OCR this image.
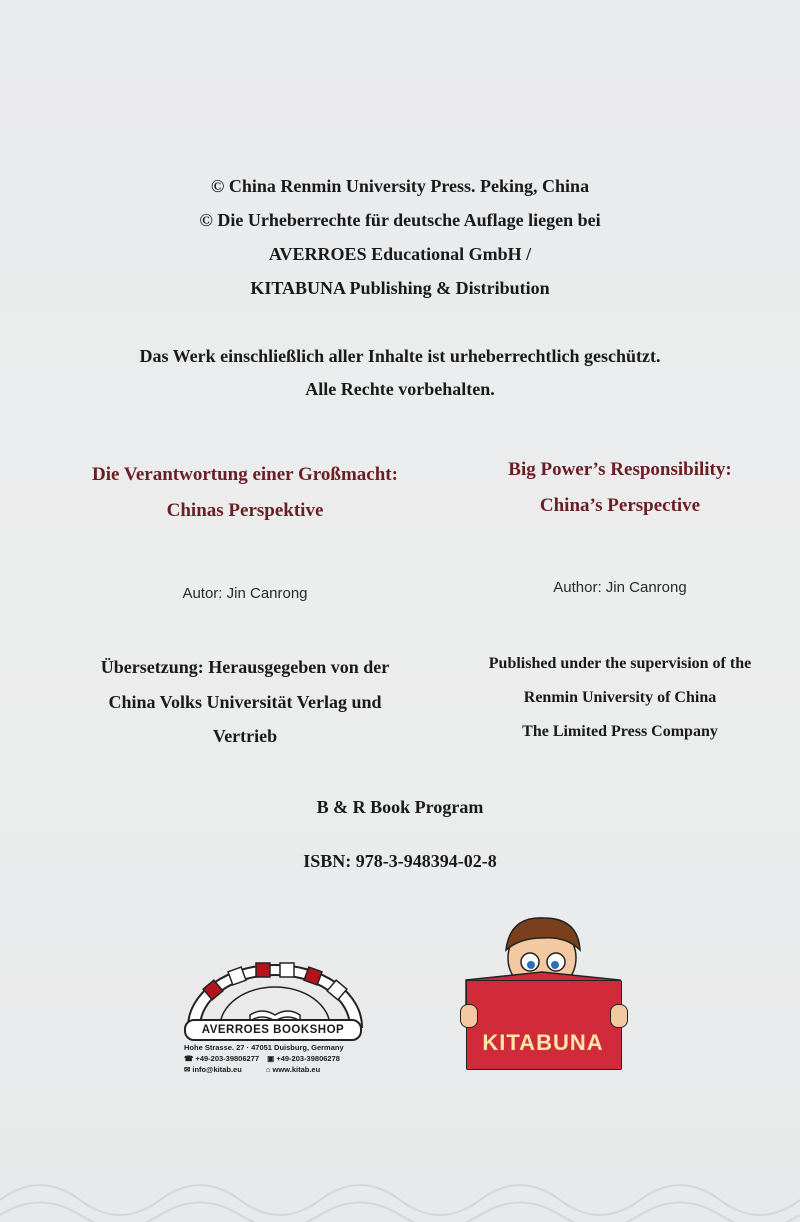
© China Renmin University Press. Peking, China
© Die Urheberrechte für deutsche Auflage liegen bei
AVERROES Educational GmbH /
KITABUNA Publishing & Distribution
Das Werk einschließlich aller Inhalte ist urheberrechtlich geschützt.
Alle Rechte vorbehalten.
Die Verantwortung einer Großmacht:
Chinas Perspektive
Autor: Jin Canrong
Übersetzung: Herausgegeben von der
China Volks Universität Verlag und
Vertrieb
Big Power’s Responsibility:
China’s Perspective
Author: Jin Canrong
Published under the supervision of the
Renmin University of China
The Limited Press Company
B & R Book Program
ISBN: 978-3-948394-02-8
AVERROES BOOKSHOP
Hohe Strasse. 27 · 47051 Duisburg, Germany
☎ +49-203-39806277 ▣ +49-203-39806278
✉ info@kitab.eu	⌂ www.kitab.eu
KITABUNA
